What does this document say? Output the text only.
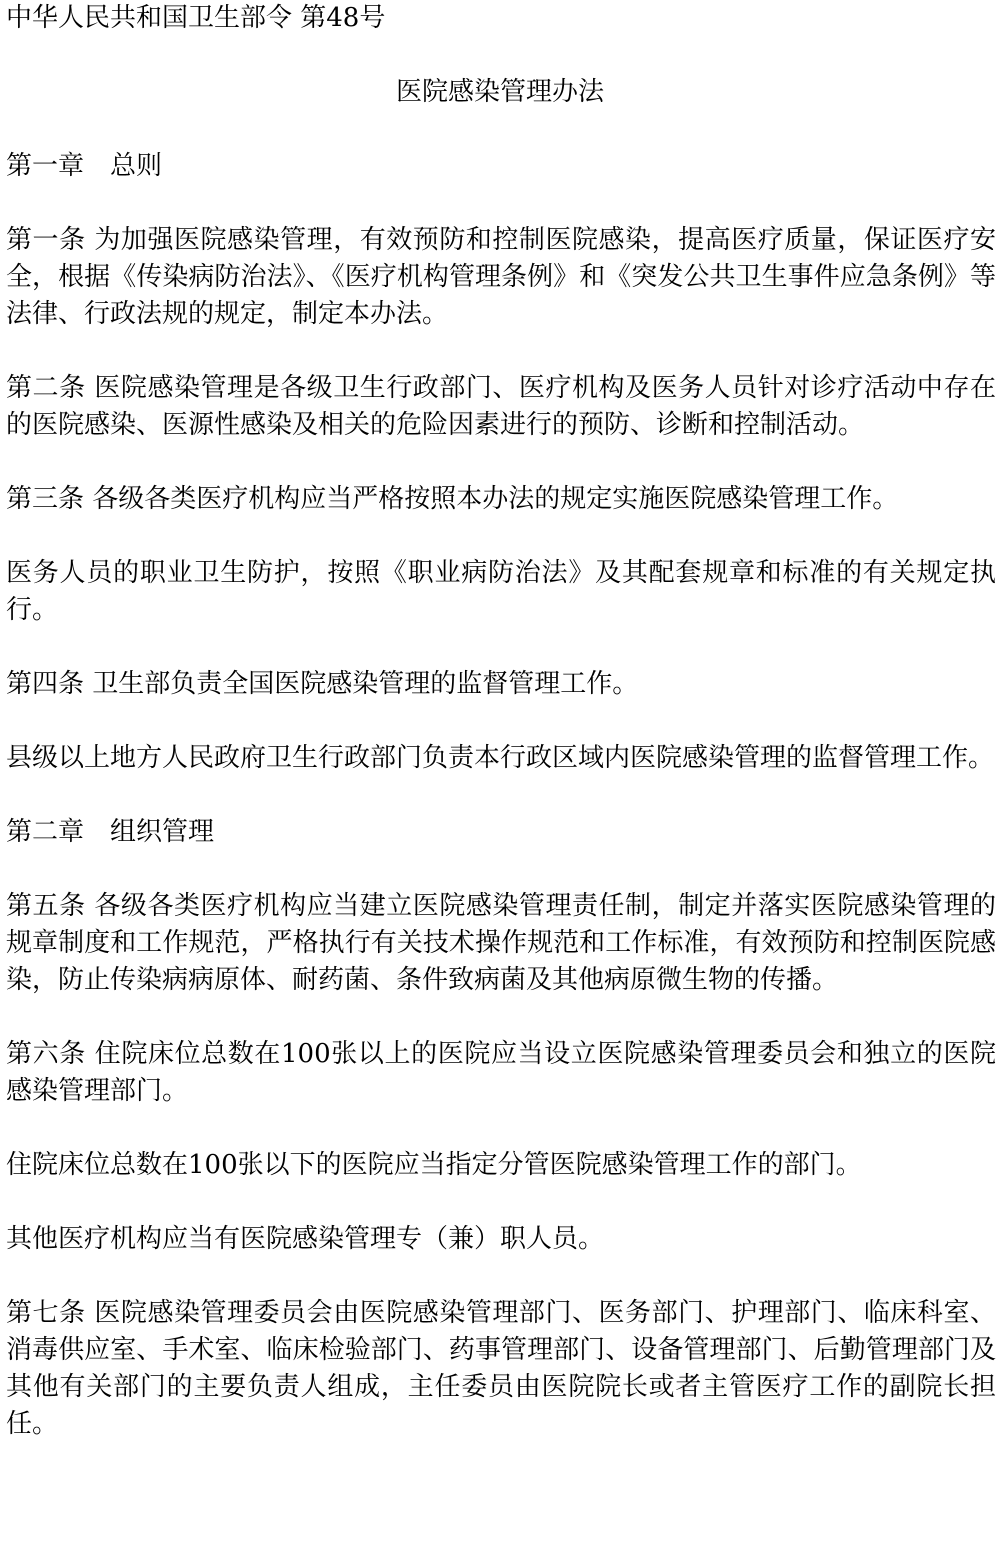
中华人民共和国卫生部令 第48号
医院感染管理办法
第一章　总则
第一条 为加强医院感染管理，有效预防和控制医院感染，提高医疗质量，保证医疗安全，根据《传染病防治法》、《医疗机构管理条例》和《突发公共卫生事件应急条例》等法律、行政法规的规定，制定本办法。
第二条 医院感染管理是各级卫生行政部门、医疗机构及医务人员针对诊疗活动中存在的医院感染、医源性感染及相关的危险因素进行的预防、诊断和控制活动。
第三条 各级各类医疗机构应当严格按照本办法的规定实施医院感染管理工作。
医务人员的职业卫生防护，按照《职业病防治法》及其配套规章和标准的有关规定执行。
第四条 卫生部负责全国医院感染管理的监督管理工作。
县级以上地方人民政府卫生行政部门负责本行政区域内医院感染管理的监督管理工作。
第二章　组织管理
第五条 各级各类医疗机构应当建立医院感染管理责任制，制定并落实医院感染管理的规章制度和工作规范，严格执行有关技术操作规范和工作标准，有效预防和控制医院感染，防止传染病病原体、耐药菌、条件致病菌及其他病原微生物的传播。
第六条 住院床位总数在100张以上的医院应当设立医院感染管理委员会和独立的医院感染管理部门。
住院床位总数在100张以下的医院应当指定分管医院感染管理工作的部门。
其他医疗机构应当有医院感染管理专（兼）职人员。
第七条 医院感染管理委员会由医院感染管理部门、医务部门、护理部门、临床科室、消毒供应室、手术室、临床检验部门、药事管理部门、设备管理部门、后勤管理部门及其他有关部门的主要负责人组成，主任委员由医院院长或者主管医疗工作的副院长担任。
